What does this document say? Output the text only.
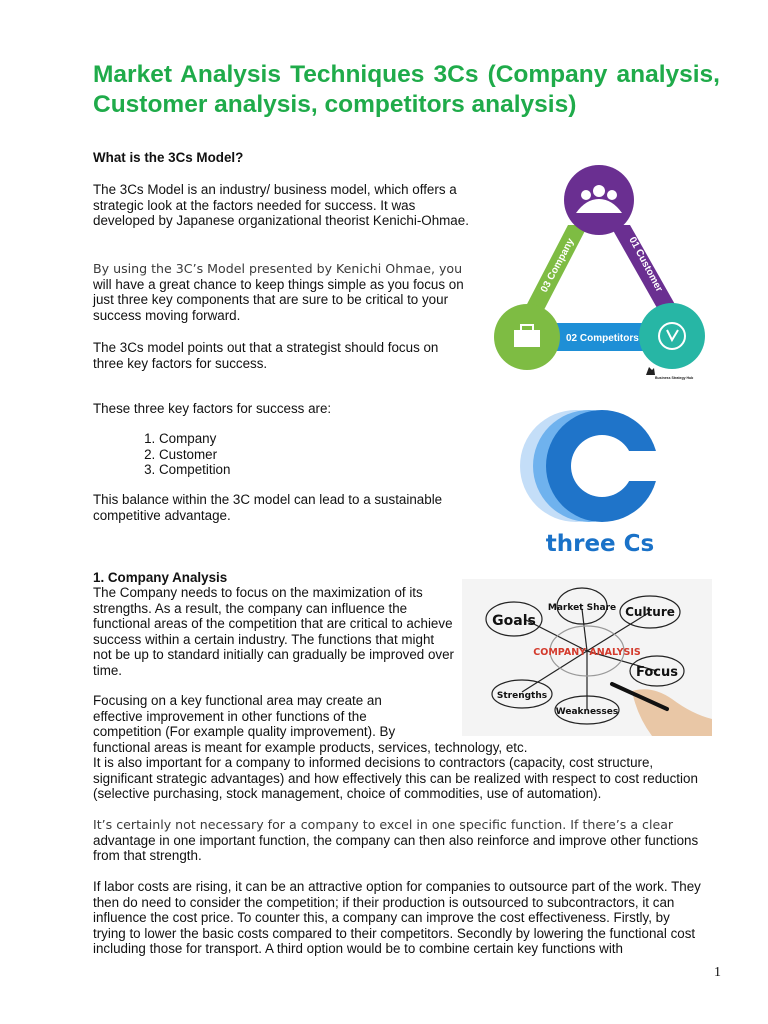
Market Analysis Techniques 3Cs (Company analysis, Customer analysis, competitors analysis)

What is the 3Cs Model?

The 3Cs Model is an industry/ business model, which offers a strategic look at the factors needed for success. It was developed by Japanese organizational theorist Kenichi-Ohmae.

By using the 3C’s Model presented by Kenichi Ohmae, you will have a great chance to keep things simple as you focus on just three key components that are sure to be critical to your success moving forward.

The 3Cs model points out that a strategist should focus on three key factors for success.

These three key factors for success are:

1. Company
2. Customer
3. Competition

This balance within the 3C model can lead to a sustainable competitive advantage.

1. Company Analysis

The Company needs to focus on the maximization of its strengths. As a result, the company can influence the functional areas of the competition that are critical to achieve success within a certain industry. The functions that might not be up to standard initially can gradually be improved over time.

Focusing on a key functional area may create an effective improvement in other functions of the competition (For example quality improvement). By

functional areas is meant for example products, services, technology, etc.

It is also important for a company to informed decisions to contractors (capacity, cost structure, significant strategic advantages) and how effectively this can be realized with respect to cost reduction (selective purchasing, stock management, choice of commodities, use of automation).

It’s certainly not necessary for a company to excel in one specific function. If there’s a clear advantage in one important function, the company can then also reinforce and improve other functions from that strength.

If labor costs are rising, it can be an attractive option for companies to outsource part of the work. They then do need to consider the competition; if their production is outsourced to subcontractors, it can influence the cost price. To counter this, a company can improve the cost effectiveness. Firstly, by trying to lower the basic costs compared to their competitors. Secondly by lowering the functional cost including those for transport. A third option would be to combine certain key functions with

1
03 Company	01 Customer
02 Competitors
Business Strategy Hub
three Cs
Goals
Market Share Culture
Focus
Strengths
Weaknesses
COMPANY ANALYSIS
